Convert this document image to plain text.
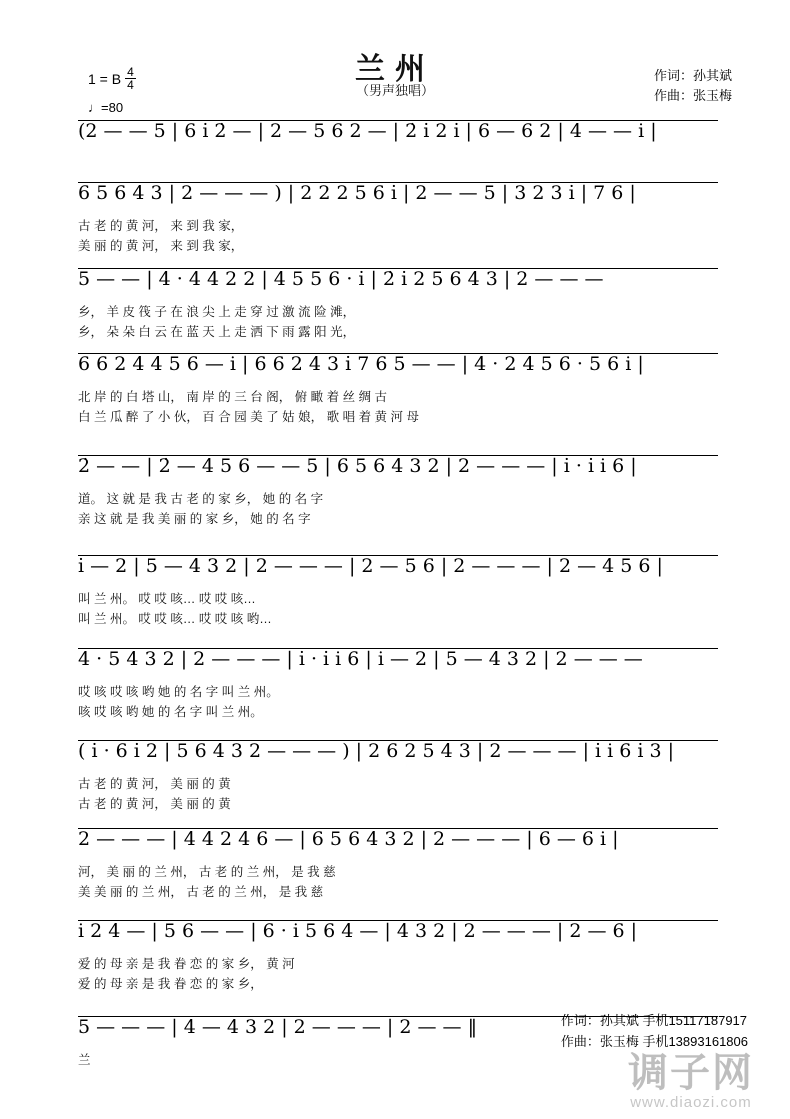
兰州
（男声独唱）
1 = B $\frac{4}{4}$
♩=80
作词：孙其斌
作曲：张玉梅
(2 — — 5 | 6 i̇ 2̇ — | 2 — 5 6 2 — | 2̇ i̇ 2 i̇ | 6 — 6 2 | 4 — — i |
6 5 6 4 3 | 2 — — — ) | 2 2 2 5 6 i̇ | 2 — — 5 | 3 2 3 i̇ | 7 6 |
古 老 的 黄 河， 来 到 我 家，
美 丽 的 黄 河， 来 到 我 家，
5 — — | 4 · 4 4 2 2 | 4 5 5 6 · i̇ | 2̇ i̇ 2 5 6 4 3 | 2 — — —
乡， 羊 皮 筏 子 在 浪 尖 上 走 穿 过 激 流 险 滩，
乡， 朵 朵 白 云 在 蓝 天 上 走 洒 下 雨 露 阳 光，
6 6 2 4 4 5 6 — i | 6 6 2 4 3 i̇ 7 6 5 — — | 4 · 2 4 5 6 · 5 6 i |
北 岸 的 白 塔 山， 南 岸 的 三 台 阁， 俯 瞰 着 丝 绸 古
白 兰 瓜 醉 了 小 伙， 百 合 园 美 了 姑 娘， 歌 唱 着 黄 河 母
2̇ — — | 2̇ — 4 5 6 — — 5 | 6 5 6 4 3 2 | 2 — — — | i̇ · i̇ i 6 |
道。 这 就 是 我 古 老 的 家 乡， 她 的 名 字
亲 这 就 是 我 美 丽 的 家 乡， 她 的 名 字
i̇ — 2 | 5 — 4 3 2 | 2 — — — | 2 — 5 6 | 2 — — — | 2 — 4 5 6 |
叫 兰 州。 哎 哎 咳… 哎 哎 咳…
叫 兰 州。 哎 哎 咳… 哎 哎 咳 哟…
4 · 5 4 3 2 | 2 — — — | i̇ · i̇ i 6 | i — 2 | 5 — 4 3 2 | 2 — — —
哎 咳 哎 咳 哟 她 的 名 字 叫 兰 州。
咳 哎 咳 哟 她 的 名 字 叫 兰 州。
( i̇ · 6 i̇ 2 | 5 6 4 3 2 — — — ) | 2 6 2 5 4 3 | 2 — — — | i̇ i 6 i̇ 3 |
古 老 的 黄 河， 美 丽 的 黄
古 老 的 黄 河， 美 丽 的 黄
2 — — — | 4 4 2 4 6 — | 6 5 6 4 3 2 | 2 — — — | 6 — 6 i |
河， 美 丽 的 兰 州， 古 老 的 兰 州， 是 我 慈
美 美 丽 的 兰 州， 古 老 的 兰 州， 是 我 慈
i 2 4 — | 5 6 — — | 6 · i 5 6 4 — | 4 3 2 | 2 — — — | 2 — 6 |
爱 的 母 亲 是 我 眷 恋 的 家 乡， 黄 河
爱 的 母 亲 是 我 眷 恋 的 家 乡，
5 — — — | 4 — 4 3 2 | 2 — — — | 2 — — ‖
兰
作词：孙其斌 手机15117187917
作曲：张玉梅 手机13893161806
调子网
www.diaozi.com
